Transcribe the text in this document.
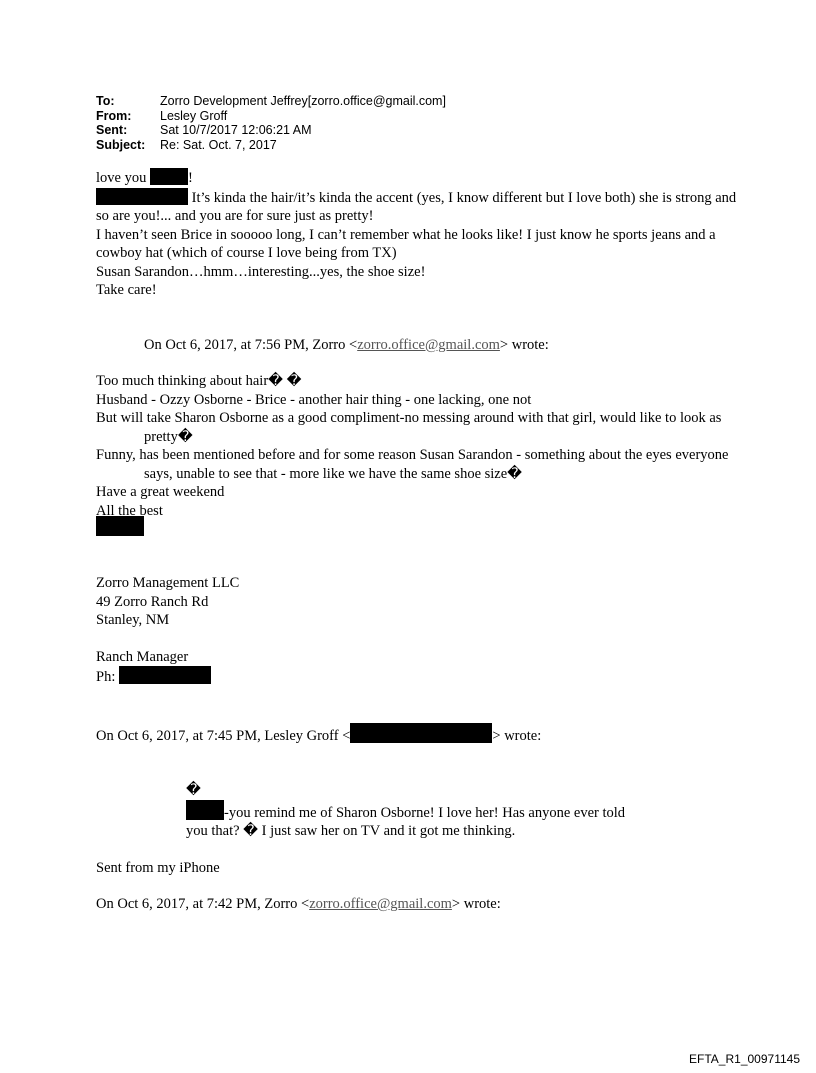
To:	Zorro Development Jeffrey[zorro.office@gmail.com]
From:	Lesley Groff
Sent:	Sat 10/7/2017 12:06:21 AM
Subject:	Re: Sat. Oct. 7, 2017

love you	!

It’s kinda the hair/it’s kinda the accent (yes, I know different but I love both) she is strong and so are you!... and you are for sure just as pretty!

I haven’t seen Brice in sooooo long, I can’t remember what he looks like! I just know he sports jeans and a cowboy hat (which of course I love being from TX)

Susan Sarandon…hmm…interesting...yes, the shoe size!

Take care!

On Oct 6, 2017, at 7:56 PM, Zorro <zorro.office@gmail.com> wrote:

Too much thinking about hair� �

Husband - Ozzy Osborne - Brice - another hair thing - one lacking, one not

But will take Sharon Osborne as a good compliment-no messing around with that girl, would like to look as pretty�

Funny, has been mentioned before and for some reason Susan Sarandon - something about the eyes everyone says, unable to see that - more like we have the same shoe size�

Have a great weekend

All the best

Zorro Management LLC

49 Zorro Ranch Rd

Stanley, NM

Ranch Manager

Ph:

On Oct 6, 2017, at 7:45 PM, Lesley Groff <	> wrote:

�

-you remind me of Sharon Osborne! I love her! Has anyone ever told you that? � I just saw her on TV and it got me thinking.

Sent from my iPhone

On Oct 6, 2017, at 7:42 PM, Zorro <zorro.office@gmail.com> wrote:

EFTA_R1_00971145
